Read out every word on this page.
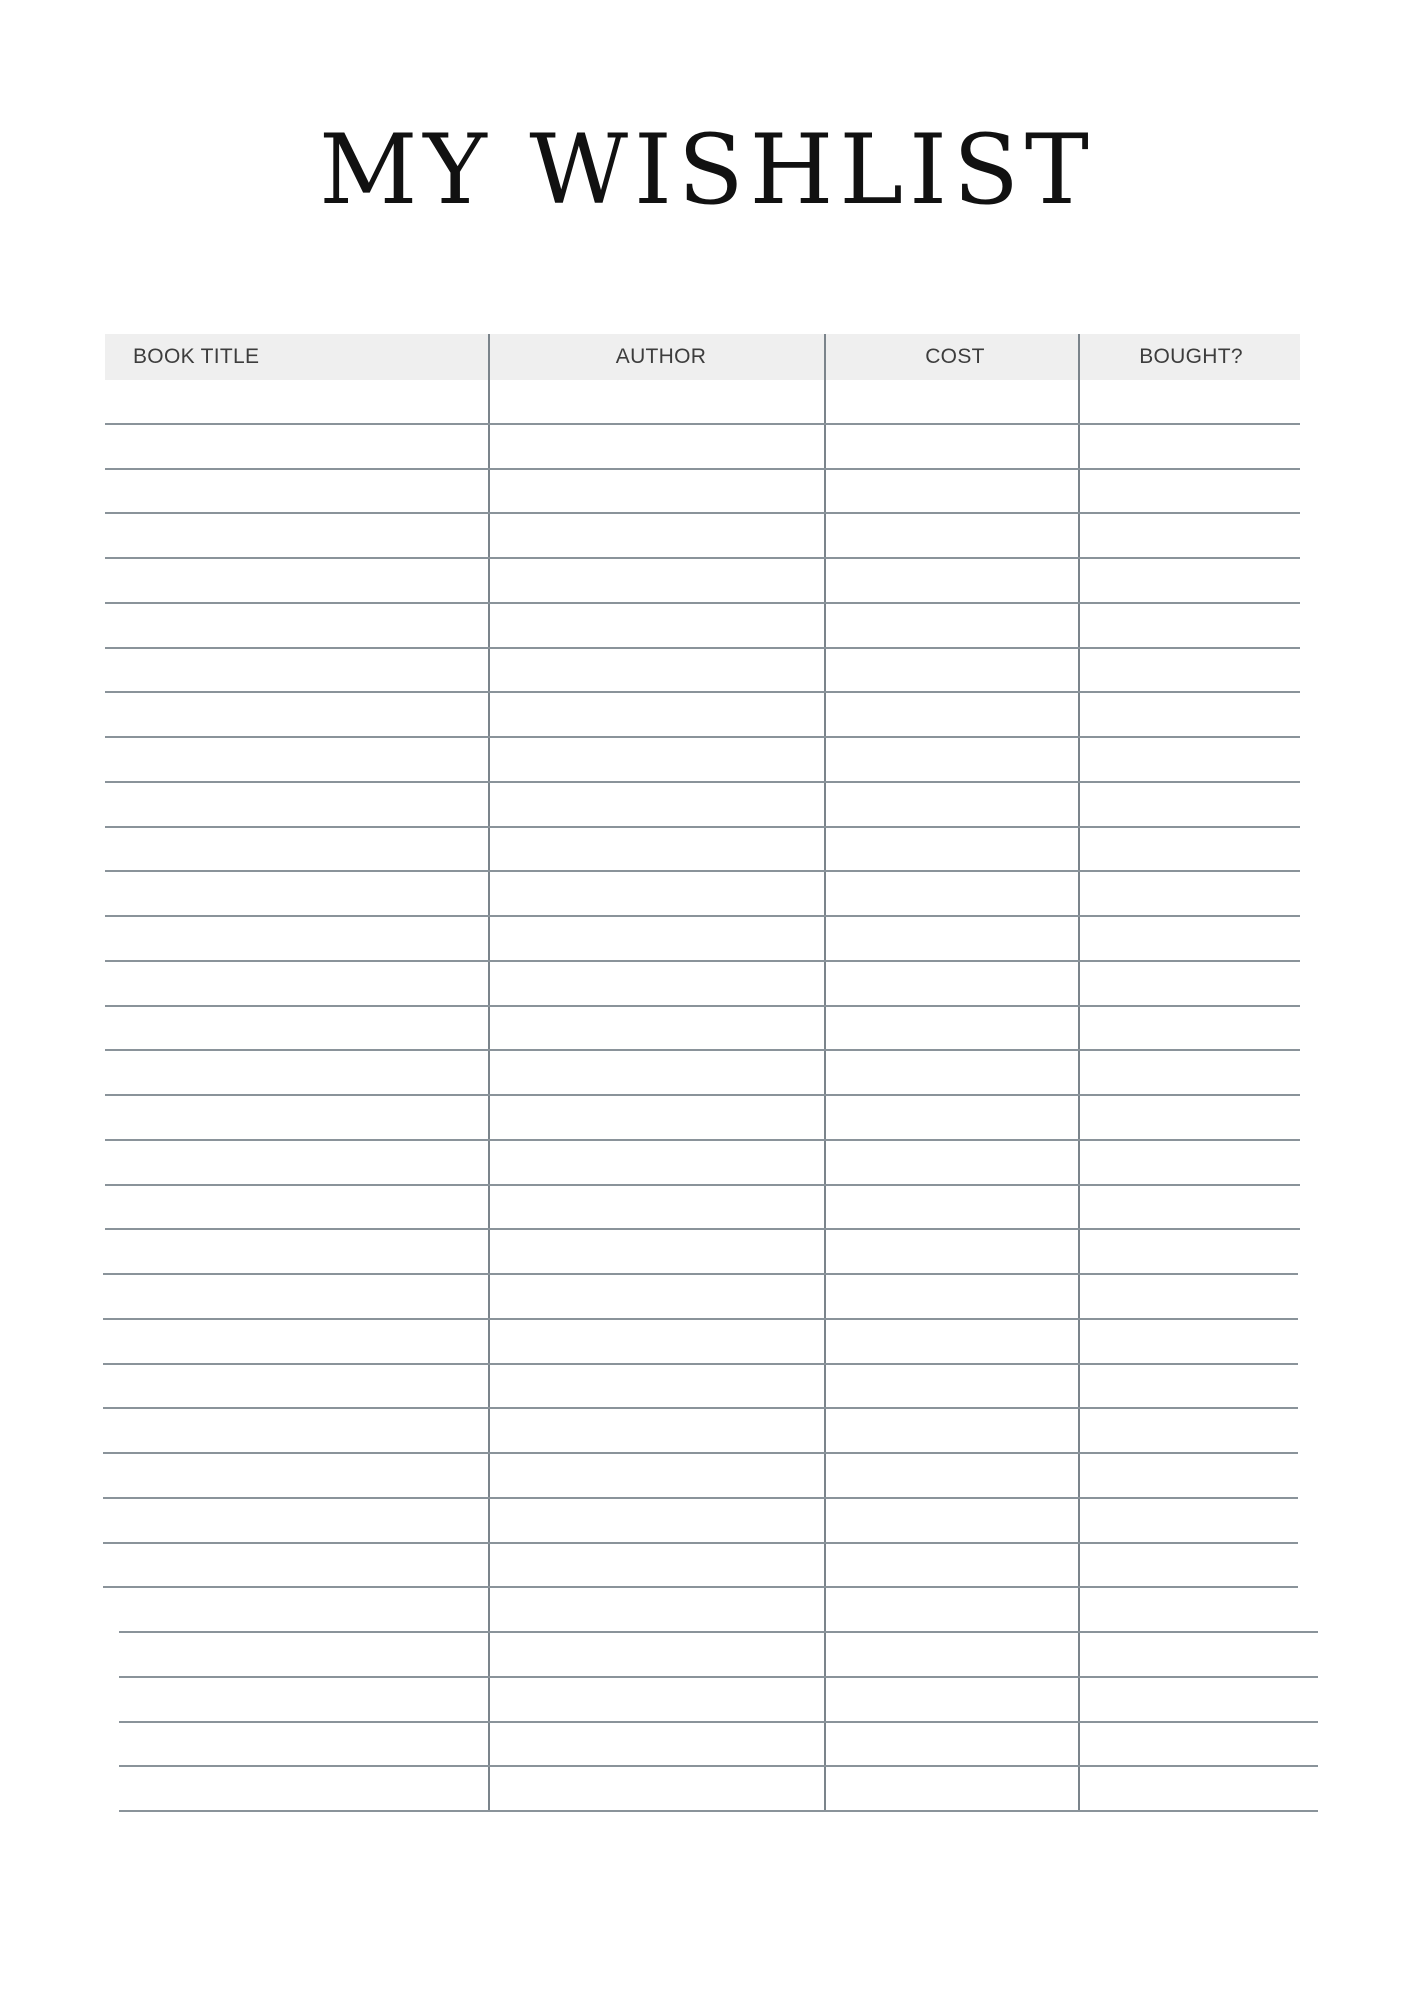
MY WISHLIST
BOOK TITLE	AUTHOR	COST	BOUGHT?
